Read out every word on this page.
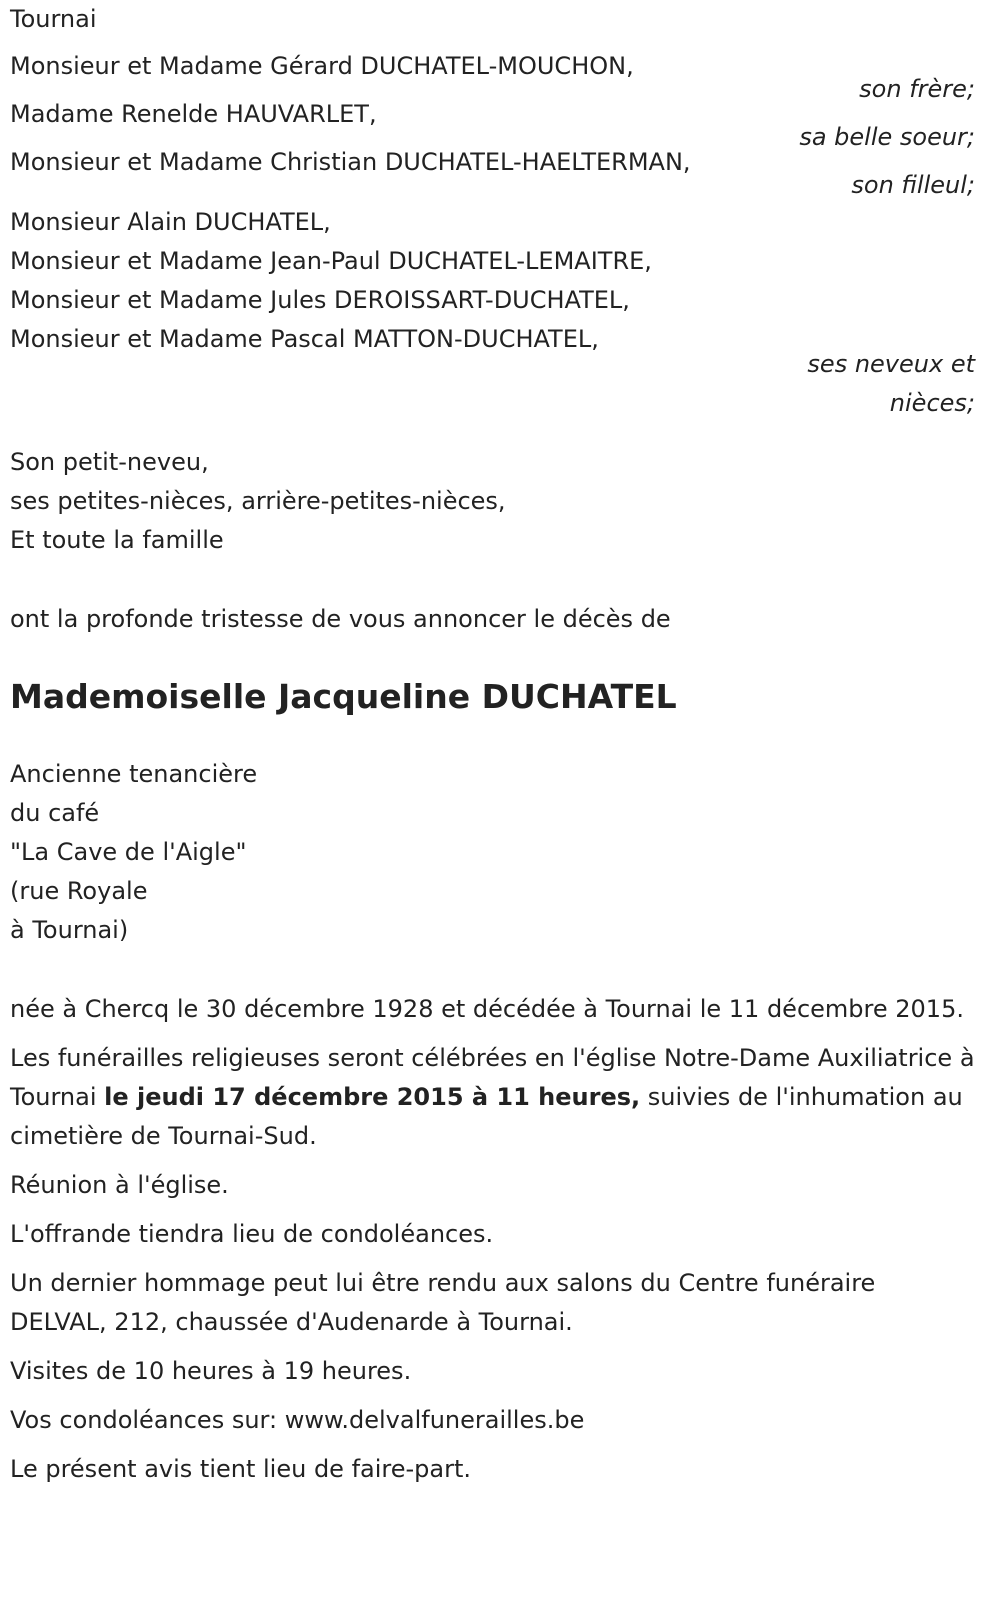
Tournai
Monsieur et Madame Gérard DUCHATEL-MOUCHON,
son frère;
Madame Renelde HAUVARLET,
sa belle soeur;
Monsieur et Madame Christian DUCHATEL-HAELTERMAN,
son filleul;
Monsieur Alain DUCHATEL,
Monsieur et Madame Jean-Paul DUCHATEL-LEMAITRE,
Monsieur et Madame Jules DEROISSART-DUCHATEL,
Monsieur et Madame Pascal MATTON-DUCHATEL,
ses neveux et
nièces;
Son petit-neveu,
ses petites-nièces, arrière-petites-nièces,
Et toute la famille
ont la profonde tristesse de vous annoncer le décès de
Mademoiselle Jacqueline DUCHATEL
Ancienne tenancière
du café
"La Cave de l'Aigle"
(rue Royale
à Tournai)

née à Chercq le 30 décembre 1928 et décédée à Tournai le 11 décembre 2015.

Les funérailles religieuses seront célébrées en l'église Notre-Dame Auxiliatrice à Tournai le jeudi 17 décembre 2015 à 11 heures, suivies de l'inhumation au cimetière de Tournai-Sud.

Réunion à l'église.

L'offrande tiendra lieu de condoléances.

Un dernier hommage peut lui être rendu aux salons du Centre funéraire DELVAL, 212, chaussée d'Audenarde à Tournai.

Visites de 10 heures à 19 heures.

Vos condoléances sur: www.delvalfunerailles.be

Le présent avis tient lieu de faire-part.
